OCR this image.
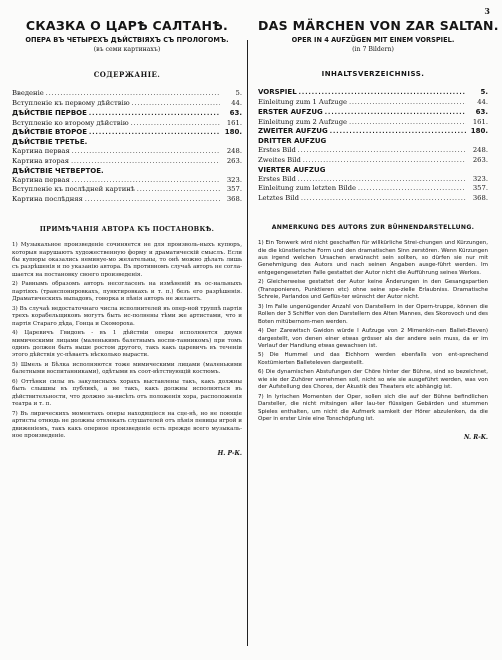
3
СКАЗКА О ЦАРѢ САЛТАНѢ.
ОПЕРА ВЪ ЧЕТЫРЕХЪ ДѢЙСТВІЯХЪ СЪ ПРОЛОГОМЪ.
(въ семи картинахъ)
СОДЕРЖАНІЕ.
Введеніе .....	5.
Вступленіе къ первому дѣйствію .....	44.
ДѢЙСТВІЕ ПЕРВОЕ .....	63.
Вступленіе ко второму дѣйствію .....	161.
ДѢЙСТВІЕ ВТОРОЕ .....	180.
ДѢЙСТВІЕ ТРЕТЬЕ.
Картина первая .....	248.
Картина вторая .....	263.
ДѢЙСТВІЕ ЧЕТВЕРТОЕ.
Картина первая .....	323.
Вступленіе къ послѣдней картинѣ .....	357.
Картина послѣдняя .....	368.
ПРИМѢЧАНІЯ АВТОРА КЪ ПОСТАНОВКѢ.
1) Музыкальное произведеніе сочиняется не для произволь-ныхъ купюръ, которыя нарушаютъ художественную форму и драматическій смыслъ. Если бы купюры оказались неминуе-мо желательны, то онѣ можно дѣлать лишь съ разрѣшенія и по указанію автора. Въ противномъ случаѣ авторъ не согла-шается на постановку своего произведенія.
2) Равнымъ образомъ авторъ несогласенъ на измѣненій въ ос-нальныхъ партіяхъ (транспонировкахъ, пунктировкахъ и т. п.) безъ его разрѣшенія. Драматическихъ выпадовъ, говорка и пѣнія авторъ не желаетъ.
3) Въ случаѣ недостаточнаго числа исполнителей въ опер-ной труппѣ партія трехъ корабельщиковъ могутъ быть ис-полнены тѣми же артистами, что и партія Стараго дѣда, Гонца и Скомороха.
4) Царевичъ Гвидонъ - въ 1 дѣйствіи оперы исполняется двумя мимическими лицами (маленькимъ балетнымъ воспи-танникомъ) при томъ одинъ должен быть выше ростом другого, такъ какъ царевичъ въ теченіи этого дѣйствія ус-пѣваетъ нѣсколько вырасти.
5) Шмель и Бѣлка исполняются тоже мимическими лицами (маленькими балетными воспитанниками), одѣтыми въ соот-вѣтствующій костюмъ.
6) Оттѣнки силы въ закулисныхъ хорахъ выставлены такъ, какъ должны быть слышны въ публикѣ, а не такъ, какъ должны исполняться въ дѣйствительности, что должно за-висѣть отъ положенія хора, расположенія театра и т. п.
7) Въ лирическихъ моментахъ оперы находящіеся на сце-нѣ, но не поющіе артисты отнюдь не должны отвлекать слушателей отъ пѣнія певицы игрой и движеніемъ, такъ какъ оперное произведеніе есть прежде всего музыкаль-ное произведеніе.
Н. Р-К.
DAS MÄRCHEN VON ZAR SALTAN.
OPER IN 4 AUFZÜGEN MIT EINEM VORSPIEL.
(in 7 Bildern)
INHALTSVERZEICHNISS.
VORSPIEL .....	5.
Einleitung zum 1 Aufzuge .....	44.
ERSTER AUFZUG .....	63.
Einleitung zum 2 Aufzuge .....	161.
ZWEITER AUFZUG .....	180.
DRITTER AUFZUG
Erstes Bild .....	248.
Zweites Bild .....	263.
VIERTER AUFZUG
Erstes Bild .....	323.
Einleitung zum letzten Bilde .....	357.
Letztes Bild .....	368.
ANMERKUNG DES AUTORS ZUR BÜHNENDARSTELLUNG.
1) Ein Tonwerk wird nicht geschaffen für willkürliche Strei-chungen und Kürzungen, die die künstlerische Form und den dramatischen Sinn zerstören. Wenn Kürzungen aus irgend welchen Ursachen erwünscht sein sollten, so dürfen sie nur mit Genehmigung des Autors und nach seinen Angaben ausge-führt werden. Im entgegengesetzten Falle gestattet der Autor nicht die Aufführung seines Werkes.
2) Gleicherweise gestattet der Autor keine Änderungen in den Gesangspartien (Transponieren, Punktieren etc) ohne seine spe-zielle Erlaubniss. Dramatische Schreie, Parlandos und Geflüs-ter wünscht der Autor nicht.
3) Im Falle ungenügender Anzahl von Darstellern in der Opern-truppe, können die Rollen der 3 Schiffer von den Darstellern des Alten Mannes, des Skorovoch und des Boten mitübernom-men werden.
4) Der Zarewitsch Gwidon würde I Aufzuge von 2 Mimenkin-nen Ballet-Eleven) dargestellt, von denen einer etwas grösser als der andere sein muss, da er im Verlauf der Handlung etwas gewachsen ist.
5) Die Hummel und das Eichhorn werden ebenfalls von ent-sprechend Kostümierten Balleteleven dargestellt.
6) Die dynamischen Abstufungen der Chöre hinter der Bühne, sind so bezeichnet, wie sie der Zuhörer vernehmen soll, nicht so wie sie ausgeführt werden, was von der Aufstellung des Chores, der Akustik des Theaters etc abhängig ist.
7) In lyrischen Momenten der Oper, sollen sich die auf der Bühne befindlichen Darsteller, die nicht mitsingen aller lau-ter flüssigen Gebärden und stummen Spieles enthalten, um nicht die Aufmerk samkeit der Hörer abzulenken, da die Oper in erster Linie eine Tonschöpfung ist.
N. R-K.
